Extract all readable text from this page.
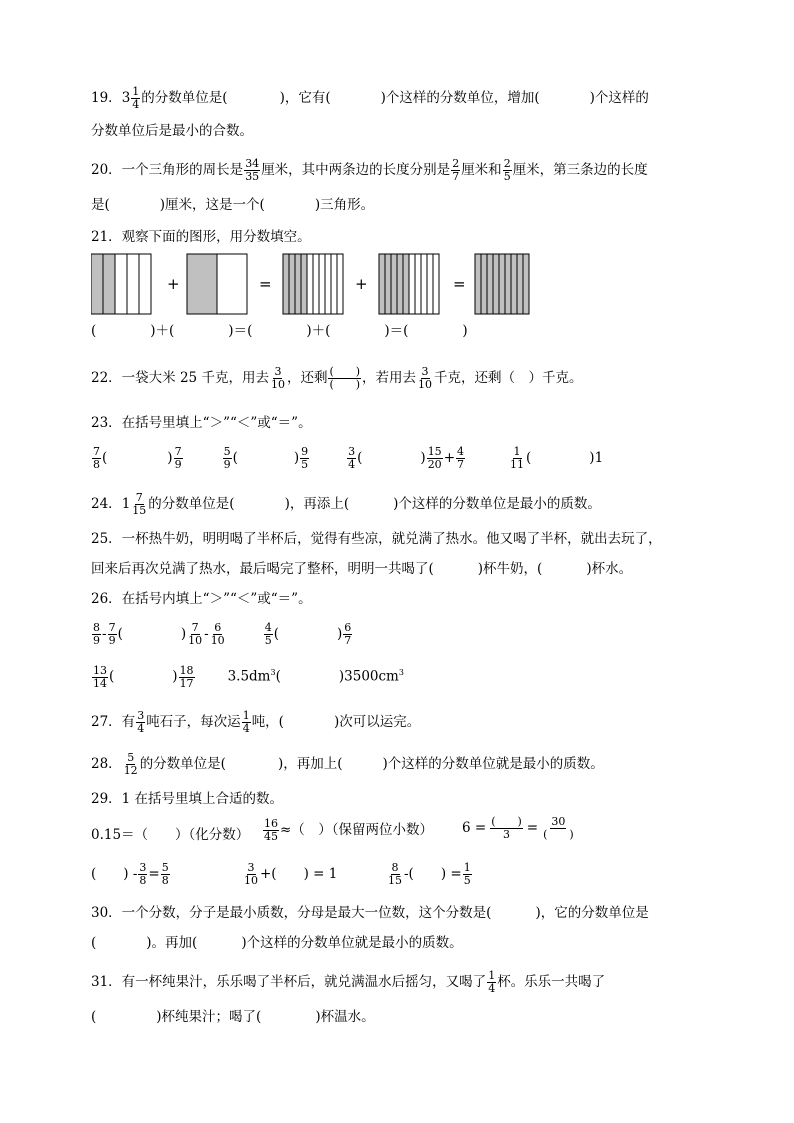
19．$3 \frac{1}{4}$ 的分数单位是(	)，它有(	)个这样的分数单位，增加(	)个这样的
分数单位后是最小的合数。
20．一个三角形的周长是 $\frac{34}{35}$ 厘米，其中两条边的长度分别是 $\frac{2}{7}$ 厘米和 $\frac{2}{5}$ 厘米，第三条边的长度
是(	)厘米，这是一个(	)三角形。
21．观察下面的图形，用分数填空。
+	=	+	=
(　　　　)＋(　　　　)＝(　　　　)＋(　　　　)＝(　　　　)
22．一袋大米 25 千克，用去 $\frac{3}{10}$ ，还剩 $\frac{( )}{( )}$ ，若用去 $\frac{3}{10}$ 千克，还剩（　）千克。
23．在括号里填上“＞”“＜”或“＝”。
$\frac{7}{8}$ (	) $\frac{7}{9}$	$\frac{5}{9}$ (	) $\frac{9}{5}$	$\frac{3}{4}$ (	) $\frac{15}{20} + \frac{4}{7}$	$\frac{1}{11}$ (	)1
24．$1 \frac{7}{15}$ 的分数单位是(	)，再添上(	)个这样的分数单位是最小的质数。
25．一杯热牛奶，明明喝了半杯后，觉得有些凉，就兑满了热水。他又喝了半杯，就出去玩了，
回来后再次兑满了热水，最后喝完了整杯，明明一共喝了(	)杯牛奶，(	)杯水。
26．在括号内填上“＞”“＜”或“＝”。
$\frac{8}{9} - \frac{7}{9}$ (	) $\frac{7}{10} - \frac{6}{10}$	$\frac{4}{5}$ (	) $\frac{6}{7}$
$\frac{13}{14}$ (	) $\frac{18}{17} 3.5dm^3$(	)$3500cm^3$
27．有 $\frac{3}{4}$ 吨石子，每次运 $\frac{1}{4}$ 吨，(	)次可以运完。
28． $\frac{5}{12}$ 的分数单位是(	)，再加上(	)个这样的分数单位就是最小的质数。
29．1 在括号里填上合适的数。
0.15＝（　　）（化分数） $\frac{16}{45}$ ≈（　）（保留两位小数） $6 = \frac{( )}{3} = \frac{30}{( )}$
(　　) - $\frac{3}{8} = \frac{5}{8}$	$\frac{3}{10}$ +(　　) = 1	$\frac{8}{15}$ -(　　) = $\frac{1}{5}$
30．一个分数，分子是最小质数，分母是最大一位数，这个分数是(	)，它的分数单位是
(	)。再加(	)个这样的分数单位就是最小的质数。
31．有一杯纯果汁，乐乐喝了半杯后，就兑满温水后摇匀，又喝了 $\frac{1}{4}$ 杯。乐乐一共喝了
(	)杯纯果汁；喝了(	)杯温水。
